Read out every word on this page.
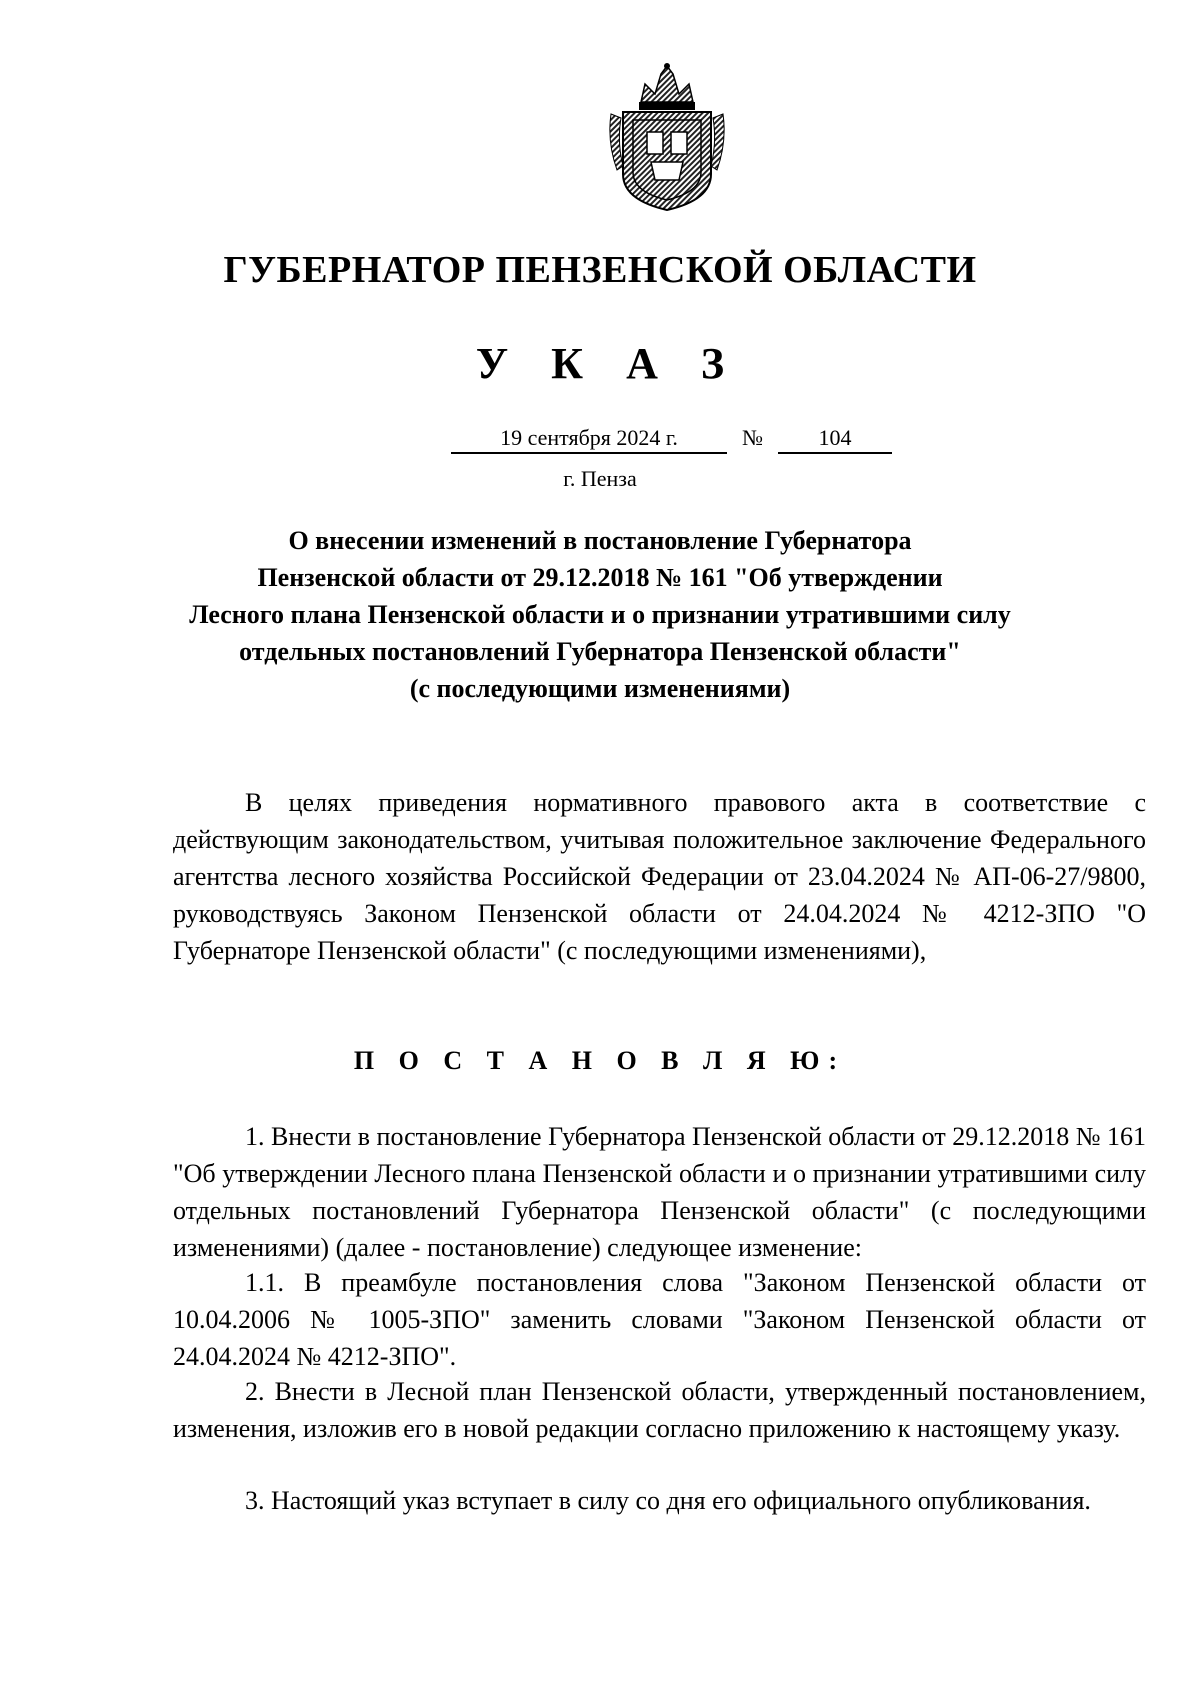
ГУБЕРНАТОР ПЕНЗЕНСКОЙ ОБЛАСТИ
У К А З
19 сентября 2024 г.	№	104
г. Пенза
О внесении изменений в постановление Губернатора
Пензенской области от 29.12.2018 № 161 "Об утверждении
Лесного плана Пензенской области и о признании утратившими силу
отдельных постановлений Губернатора Пензенской области"
(с последующими изменениями)

В целях приведения нормативного правового акта в соответствие с действующим законодательством, учитывая положительное заключение Федерального агентства лесного хозяйства Российской Федерации от 23.04.2024 № АП-06-27/9800, руководствуясь Законом Пензенской области от 24.04.2024 № 4212-ЗПО "О Губернаторе Пензенской области" (с последующими изменениями),

П О С Т А Н О В Л Я Ю:

1. Внести в постановление Губернатора Пензенской области от 29.12.2018 № 161 "Об утверждении Лесного плана Пензенской области и о признании утратившими силу отдельных постановлений Губернатора Пензенской области" (с последующими изменениями) (далее - постановление) следующее изменение:

1.1. В преамбуле постановления слова "Законом Пензенской области от 10.04.2006 № 1005-ЗПО" заменить словами "Законом Пензенской области от 24.04.2024 № 4212-ЗПО".

2. Внести в Лесной план Пензенской области, утвержденный постановлением, изменения, изложив его в новой редакции согласно приложению к настоящему указу.

3. Настоящий указ вступает в силу со дня его официального опубликования.
